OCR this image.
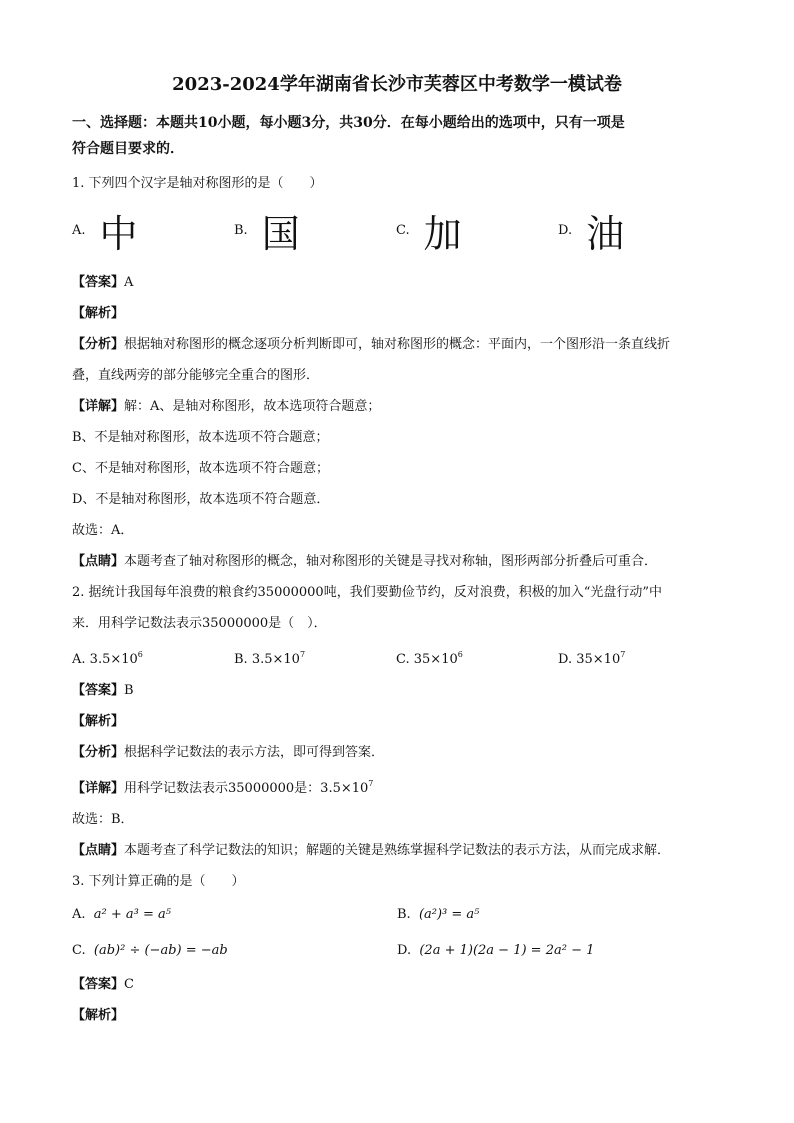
2023-2024学年湖南省长沙市芙蓉区中考数学一模试卷
一、选择题：本题共10小题，每小题3分，共30分．在每小题给出的选项中，只有一项是
符合题目要求的．

1. 下列四个汉字是轴对称图形的是（　　）

A. 中	B. 国	C. 加	D. 油

【答案】A

【解析】

【分析】根据轴对称图形的概念逐项分析判断即可，轴对称图形的概念：平面内，一个图形沿一条直线折

叠，直线两旁的部分能够完全重合的图形．

【详解】解：A、是轴对称图形，故本选项符合题意；

B、不是轴对称图形，故本选项不符合题意；

C、不是轴对称图形，故本选项不符合题意；

D、不是轴对称图形，故本选项不符合题意．

故选：A．

【点睛】本题考查了轴对称图形的概念，轴对称图形的关键是寻找对称轴，图形两部分折叠后可重合．

2. 据统计我国每年浪费的粮食约35000000吨，我们要勤俭节约，反对浪费，积极的加入“光盘行动”中

来．用科学记数法表示35000000是（　）．

A. $3.5\times 10^6$	B. $3.5\times 10^7$	C. $35\times 10^6$	D. $35\times 10^7$

【答案】B

【解析】

【分析】根据科学记数法的表示方法，即可得到答案．

【详解】用科学记数法表示35000000是：$3.5\times 10^7$

故选：B．

【点睛】本题考查了科学记数法的知识；解题的关键是熟练掌握科学记数法的表示方法，从而完成求解．

3. 下列计算正确的是（　　）

A. a² + a³ = a⁵	B. (a²)³ = a⁵
C. (ab)² ÷ (−ab) = −ab	D. (2a + 1)(2a − 1) = 2a² − 1

【答案】C

【解析】
